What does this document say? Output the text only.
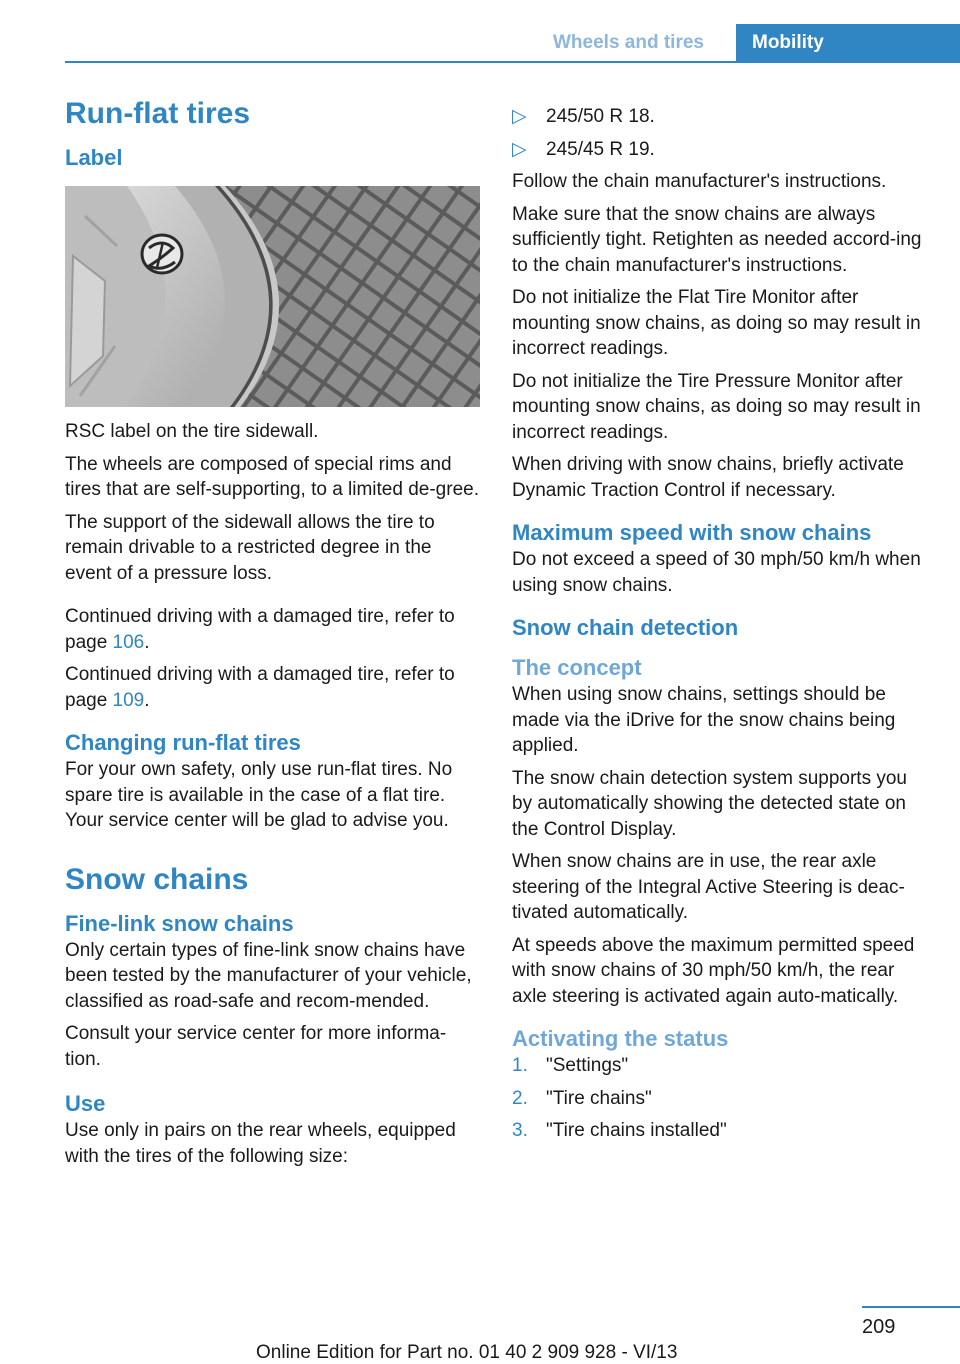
Wheels and tires	Mobility
Run-flat tires
Label

RSC label on the tire sidewall.

The wheels are composed of special rims and tires that are self-supporting, to a limited de‐gree.

The support of the sidewall allows the tire to remain drivable to a restricted degree in the event of a pressure loss.

Continued driving with a damaged tire, refer to page 106.

Continued driving with a damaged tire, refer to page 109.

Changing run-flat tires

For your own safety, only use run-flat tires. No spare tire is available in the case of a flat tire. Your service center will be glad to advise you.

Snow chains
Fine-link snow chains

Only certain types of fine-link snow chains have been tested by the manufacturer of your vehicle, classified as road-safe and recom‐mended.

Consult your service center for more informa‐tion.

Use

Use only in pairs on the rear wheels, equipped with the tires of the following size:

▷ 245/50 R 18.
▷ 245/45 R 19.

Follow the chain manufacturer's instructions.

Make sure that the snow chains are always sufficiently tight. Retighten as needed accord‐ing to the chain manufacturer's instructions.

Do not initialize the Flat Tire Monitor after mounting snow chains, as doing so may result in incorrect readings.

Do not initialize the Tire Pressure Monitor after mounting snow chains, as doing so may result in incorrect readings.

When driving with snow chains, briefly activate Dynamic Traction Control if necessary.

Maximum speed with snow chains

Do not exceed a speed of 30 mph/50 km/h when using snow chains.

Snow chain detection
The concept

When using snow chains, settings should be made via the iDrive for the snow chains being applied.

The snow chain detection system supports you by automatically showing the detected state on the Control Display.

When snow chains are in use, the rear axle steering of the Integral Active Steering is deac‐tivated automatically.

At speeds above the maximum permitted speed with snow chains of 30 mph/50 km/h, the rear axle steering is activated again auto‐matically.

Activating the status
1. "Settings"
2. "Tire chains"
3. "Tire chains installed"
209
Online Edition for Part no. 01 40 2 909 928 - VI/13
